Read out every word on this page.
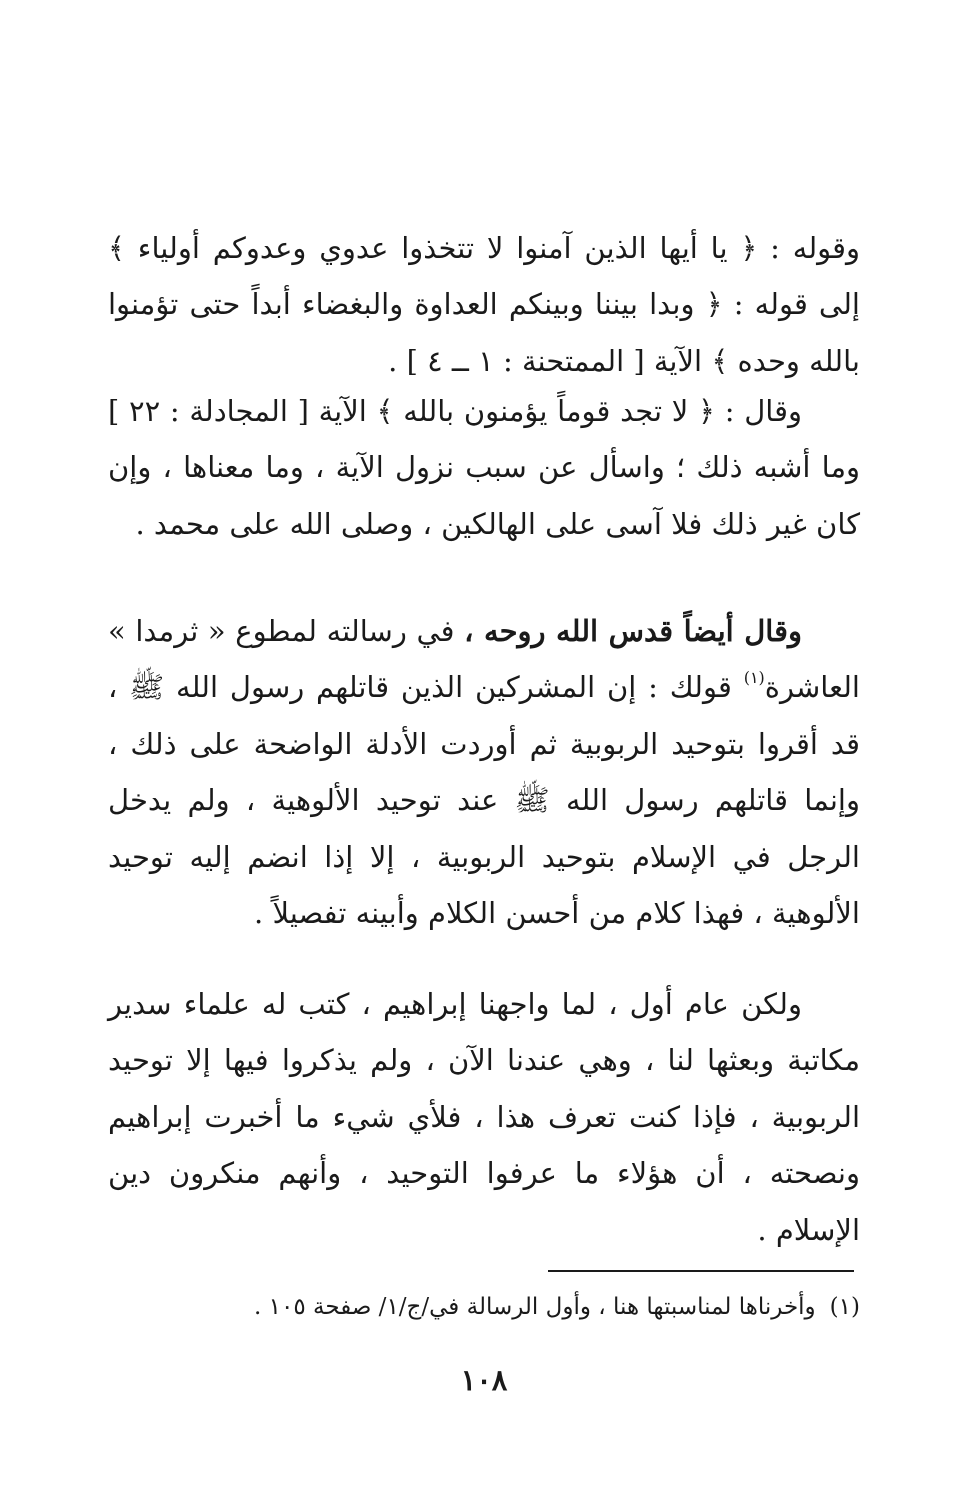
وقوله : ﴿ يا أيها الذين آمنوا لا تتخذوا عدوي وعدوكم أولياء ﴾ إلى قوله : ﴿ وبدا بيننا وبينكم العداوة والبغضاء أبداً حتى تؤمنوا بالله وحده ﴾ الآية [ الممتحنة : ١ ــ ٤ ] .

وقال : ﴿ لا تجد قوماً يؤمنون بالله ﴾ الآية [ المجادلة : ٢٢ ] وما أشبه ذلك ؛ واسأل عن سبب نزول الآية ، وما معناها ، وإن كان غير ذلك فلا آسى على الهالكين ، وصلى الله على محمد .

وقال أيضاً قدس الله روحه ، في رسالته لمطوع « ثرمدا » العاشرة$^{(١)}$ قولك : إن المشركين الذين قاتلهم رسول الله ﷺ ، قد أقروا بتوحيد الربوبية ثم أوردت الأدلة الواضحة على ذلك ، وإنما قاتلهم رسول الله ﷺ عند توحيد الألوهية ، ولم يدخل الرجل في الإسلام بتوحيد الربوبية ، إلا إذا انضم إليه توحيد الألوهية ، فهذا كلام من أحسن الكلام وأبينه تفصيلاً .

ولكن عام أول ، لما واجهنا إبراهيم ، كتب له علماء سدير مكاتبة وبعثها لنا ، وهي عندنا الآن ، ولم يذكروا فيها إلا توحيد الربوبية ، فإذا كنت تعرف هذا ، فلأي شيء ما أخبرت إبراهيم ونصحته ، أن هؤلاء ما عرفوا التوحيد ، وأنهم منكرون دين الإسلام .

(١)وأخرناها لمناسبتها هنا ، وأول الرسالة في/ج/١/ صفحة ١٠٥ .

١٠٨
